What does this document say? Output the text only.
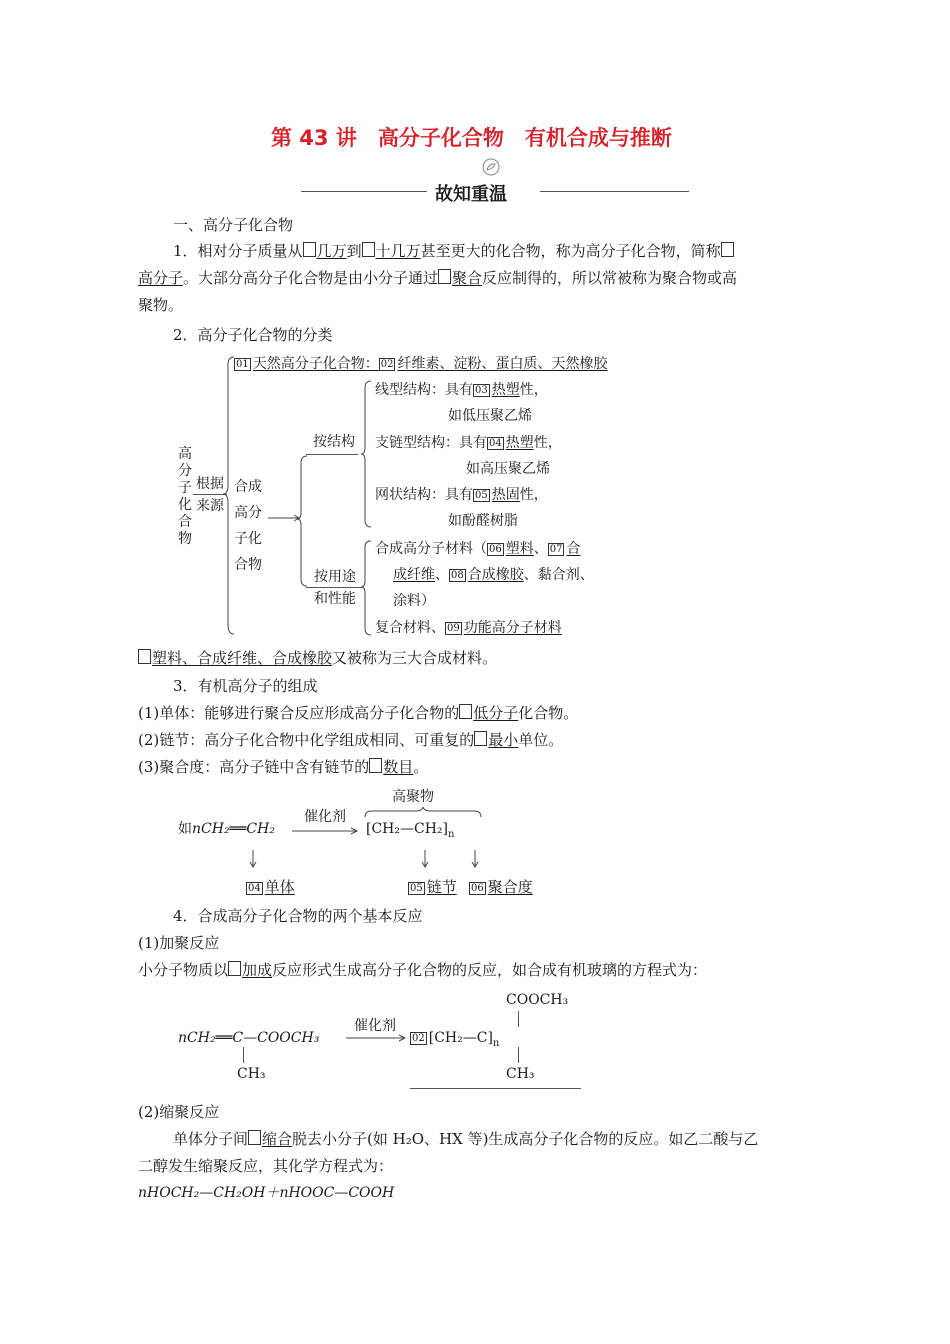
第 43 讲　高分子化合物　有机合成与推断
故知重温
一、高分子化合物
1．相对分子质量从 几万到 十几万甚至更大的化合物，称为高分子化合物，简称
高分子。大部分高分子化合物是由小分子通过 聚合反应制得的，所以常被称为聚合物或高
聚物。
2．高分子化合物的分类
高
分
子
化
合
物
根据
来源
01 天然高分子化合物： 02 纤维素、淀粉、蛋白质、天然橡胶
合成
高分
子化
合物
按结构
按用途
和性能
线型结构：具有 03 热塑性，
如低压聚乙烯
支链型结构：具有 04 热塑性，
如高压聚乙烯
网状结构：具有 05 热固性，
如酚醛树脂
合成高分子材料（ 06 塑料、 07 合
成纤维、 08 合成橡胶、黏合剂、
涂料）
复合材料、 09 功能高分子材料
塑料、合成纤维、合成橡胶又被称为三大合成材料。
3．有机高分子的组成
(1)单体：能够进行聚合反应形成高分子化合物的 低分子化合物。
(2)链节：高分子化合物中化学组成相同、可重复的 最小单位。
(3)聚合度：高分子链中含有链节的 数目。
高聚物
如nCH₂══CH₂
催化剂
$[CH_2—CH_2]_n$
04 单体	05 链节 06 聚合度
4．合成高分子化合物的两个基本反应
(1)加聚反应
小分子物质以 加成反应形式生成高分子化合物的反应，如合成有机玻璃的方程式为：
COOCH₃
nCH₂══C—COOCH₃
CH₃
催化剂
02 $[CH_2—C]_n$
CH₃
(2)缩聚反应
单体分子间 缩合脱去小分子(如 H₂O、HX 等)生成高分子化合物的反应。如乙二酸与乙
二醇发生缩聚反应，其化学方程式为：
nHOCH₂—CH₂OH＋nHOOC—COOH
